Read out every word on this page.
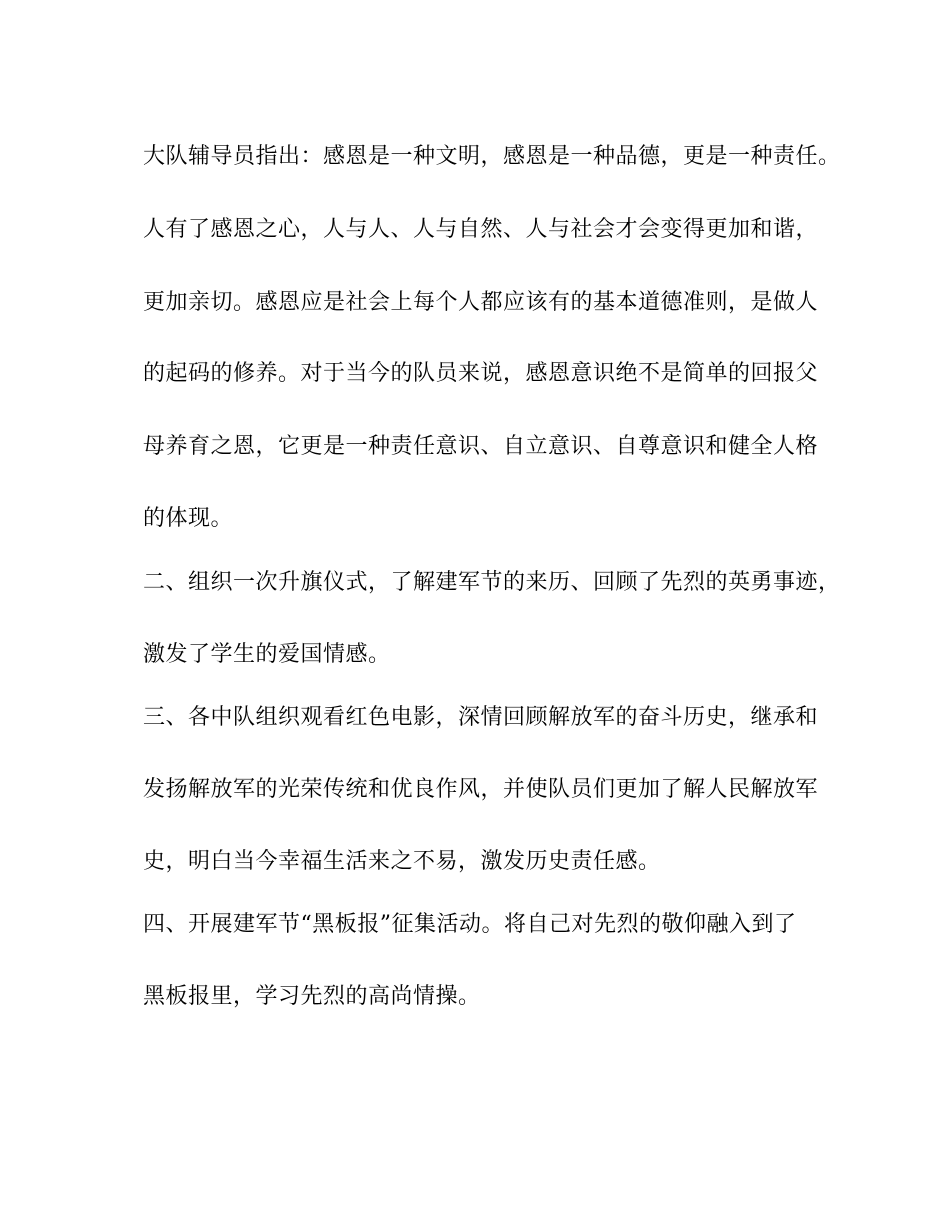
大队辅导员指出：感恩是一种文明，感恩是一种品德，更是一种责任。
人有了感恩之心，人与人、人与自然、人与社会才会变得更加和谐，
更加亲切。感恩应是社会上每个人都应该有的基本道德准则，是做人
的起码的修养。对于当今的队员来说，感恩意识绝不是简单的回报父
母养育之恩，它更是一种责任意识、自立意识、自尊意识和健全人格
的体现。
二、组织一次升旗仪式，了解建军节的来历、回顾了先烈的英勇事迹，
激发了学生的爱国情感。
三、各中队组织观看红色电影，深情回顾解放军的奋斗历史，继承和
发扬解放军的光荣传统和优良作风，并使队员们更加了解人民解放军
史，明白当今幸福生活来之不易，激发历史责任感。
四、开展建军节“黑板报”征集活动。将自己对先烈的敬仰融入到了
黑板报里，学习先烈的高尚情操。
